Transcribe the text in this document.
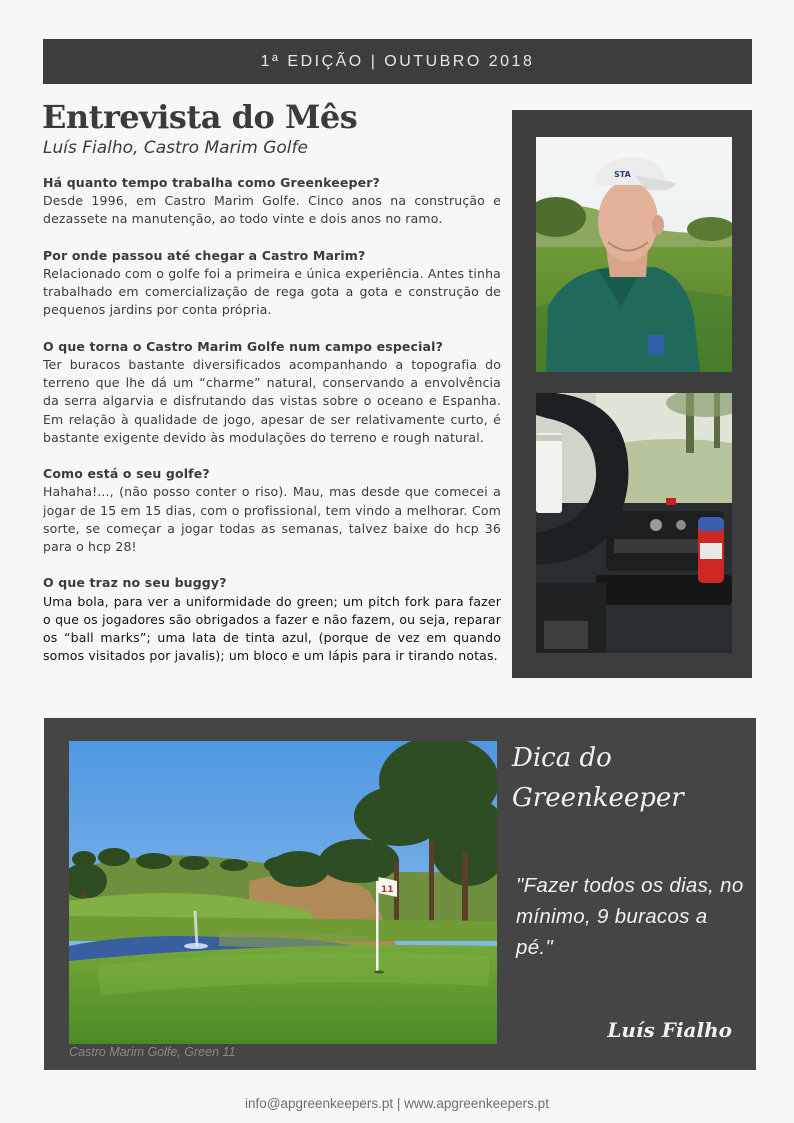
1ª EDIÇÃO | OUTUBRO 2018
Entrevista do Mês
Luís Fialho, Castro Marim Golfe
Há quanto tempo trabalha como Greenkeeper?
Desde 1996, em Castro Marim Golfe. Cinco anos na construção e dezassete na manutenção, ao todo vinte e dois anos no ramo.
Por onde passou até chegar a Castro Marim?
Relacionado com o golfe foi a primeira e única experiência. Antes tinha trabalhado em comercialização de rega gota a gota e construção de pequenos jardins por conta própria.
O que torna o Castro Marim Golfe num campo especial?
Ter buracos bastante diversificados acompanhando a topografia do terreno que lhe dá um “charme” natural, conservando a envolvência da serra algarvia e disfrutando das vistas sobre o oceano e Espanha. Em relação à qualidade de jogo, apesar de ser relativamente curto, é bastante exigente devido às modulações do terreno e rough natural.
Como está o seu golfe?
Hahaha!..., (não posso conter o riso). Mau, mas desde que comecei a jogar de 15 em 15 dias, com o profissional, tem vindo a melhorar. Com sorte, se começar a jogar todas as semanas, talvez baixe do hcp 36 para o hcp 28!
O que traz no seu buggy?
Uma bola, para ver a uniformidade do green; um pitch fork para fazer o que os jogadores são obrigados a fazer e não fazem, ou seja, reparar os “ball marks”; uma lata de tinta azul, (porque de vez em quando somos visitados por javalis); um bloco e um lápis para ir tirando notas.
STA
11
Castro Marim Golfe, Green 11
Dica do Greenkeeper
"Fazer todos os dias, no mínimo, 9 buracos a pé."
Luís Fialho
info@apgreenkeepers.pt | www.apgreenkeepers.pt
